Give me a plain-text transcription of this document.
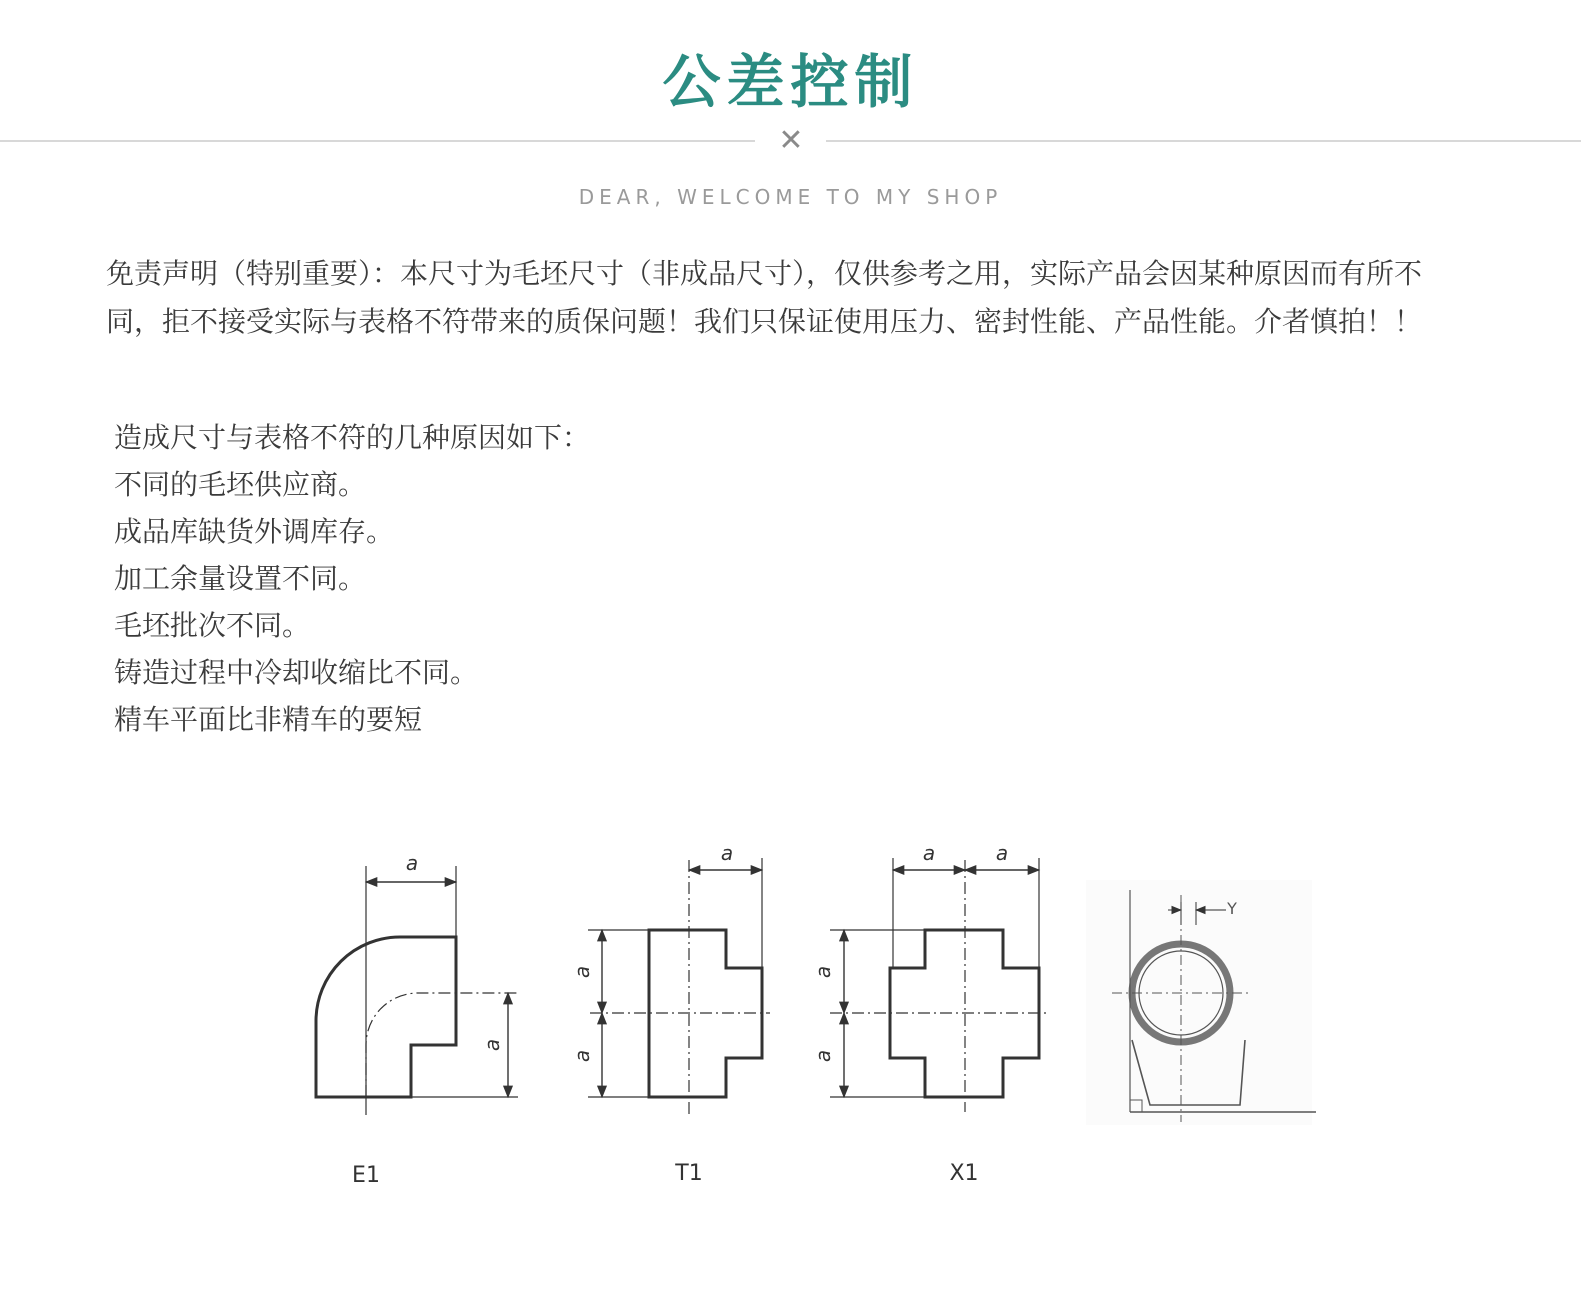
公差控制
✕
DEAR, WELCOME TO MY SHOP

免责声明（特别重要）：本尺寸为毛坯尺寸（非成品尺寸），仅供参考之用，实际产品会因某种原因而有所不同，拒不接受实际与表格不符带来的质保问题！我们只保证使用压力、密封性能、产品性能。介者慎拍！！

造成尺寸与表格不符的几种原因如下：
不同的毛坯供应商。
成品库缺货外调库存。
加工余量设置不同。
毛坯批次不同。
铸造过程中冷却收缩比不同。
精车平面比非精车的要短
a
a
a
a
a
a	a
a
a
Y
E1	T1	X1
